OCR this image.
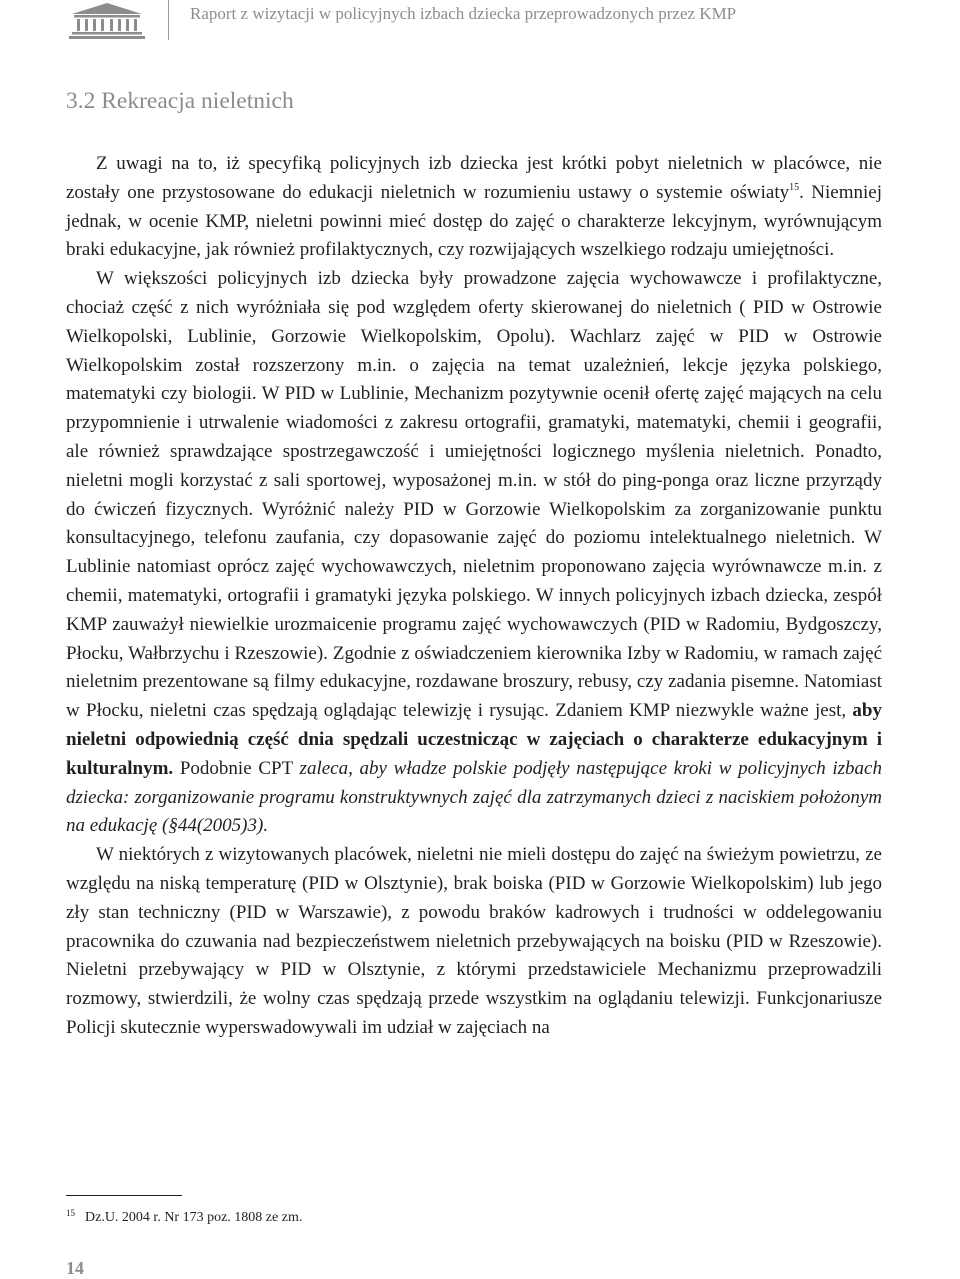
Raport z wizytacji w policyjnych izbach dziecka przeprowadzonych przez KMP
3.2 Rekreacja nieletnich

Z uwagi na to, iż specyfiką policyjnych izb dziecka jest krótki pobyt nieletnich w placówce, nie zostały one przystosowane do edukacji nieletnich w rozumieniu ustawy o systemie oświaty$^{15}$. Niemniej jednak, w ocenie KMP, nieletni powinni mieć dostęp do zajęć o charakterze lekcyjnym, wyrównującym braki edukacyjne, jak również profilaktycznych, czy rozwijających wszelkiego rodzaju umiejętności.

W większości policyjnych izb dziecka były prowadzone zajęcia wychowawcze i profilaktyczne, chociaż część z nich wyróżniała się pod względem oferty skierowanej do nieletnich ( PID w Ostrowie Wielkopolski, Lublinie, Gorzowie Wielkopolskim, Opolu). Wachlarz zajęć w PID w Ostrowie Wielkopolskim został rozszerzony m.in. o zajęcia na temat uzależnień, lekcje języka polskiego, matematyki czy biologii. W PID w Lublinie, Mechanizm pozytywnie ocenił ofertę zajęć mających na celu przypomnienie i utrwalenie wiadomości z zakresu ortografii, gramatyki, matematyki, chemii i geografii, ale również sprawdzające spostrzegawczość i umiejętności logicznego myślenia nieletnich. Ponadto, nieletni mogli korzystać z sali sportowej, wyposażonej m.in. w stół do ping-ponga oraz liczne przyrządy do ćwiczeń fizycznych. Wyróżnić należy PID w Gorzowie Wielkopolskim za zorganizowanie punktu konsultacyjnego, telefonu zaufania, czy dopasowanie zajęć do poziomu intelektualnego nieletnich. W Lublinie natomiast oprócz zajęć wychowawczych, nieletnim proponowano zajęcia wyrównawcze m.in. z chemii, matematyki, ortografii i gramatyki języka polskiego. W innych policyjnych izbach dziecka, zespół KMP zauważył niewielkie urozmaicenie programu zajęć wychowawczych (PID w Radomiu, Bydgoszczy, Płocku, Wałbrzychu i Rzeszowie). Zgodnie z oświadczeniem kierownika Izby w Radomiu, w ramach zajęć nieletnim prezentowane są filmy edukacyjne, rozdawane broszury, rebusy, czy zadania pisemne. Natomiast w Płocku, nieletni czas spędzają oglądając telewizję i rysując. Zdaniem KMP niezwykle ważne jest, aby nieletni odpowiednią część dnia spędzali uczestnicząc w zajęciach o charakterze edukacyjnym i kulturalnym. Podobnie CPT zaleca, aby władze polskie podjęły następujące kroki w policyjnych izbach dziecka: zorganizowanie programu konstruktywnych zajęć dla zatrzymanych dzieci z naciskiem położonym na edukację (§44(2005)3).

W niektórych z wizytowanych placówek, nieletni nie mieli dostępu do zajęć na świeżym powietrzu, ze względu na niską temperaturę (PID w Olsztynie), brak boiska (PID w Gorzowie Wielkopolskim) lub jego zły stan techniczny (PID w Warszawie), z powodu braków kadrowych i trudności w oddelegowaniu pracownika do czuwania nad bezpieczeństwem nieletnich przebywających na boisku (PID w Rzeszowie). Nieletni przebywający w PID w Olsztynie, z którymi przedstawiciele Mechanizmu przeprowadzili rozmowy, stwierdzili, że wolny czas spędzają przede wszystkim na oglądaniu telewizji. Funkcjonariusze Policji skutecznie wyperswadowywali im udział w zajęciach na

$^{15}$ Dz.U. 2004 r. Nr 173 poz. 1808 ze zm.
14
